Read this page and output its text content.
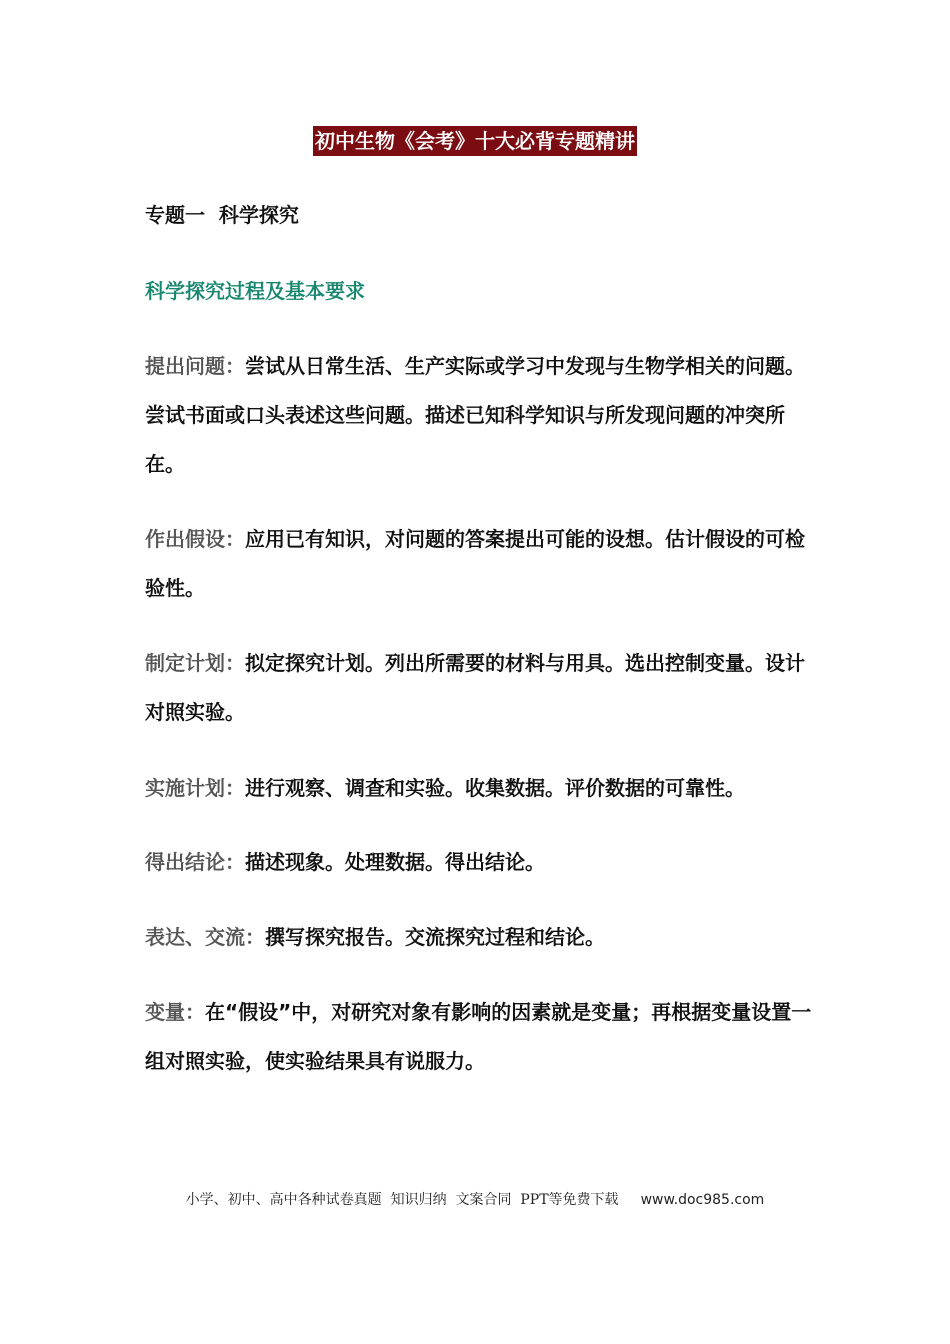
初中生物《会考》十大必背专题精讲
专题一  科学探究
科学探究过程及基本要求
提出问题：尝试从日常生活、生产实际或学习中发现与生物学相关的问题。尝试书面或口头表述这些问题。描述已知科学知识与所发现问题的冲突所在。
作出假设：应用已有知识，对问题的答案提出可能的设想。估计假设的可检验性。
制定计划：拟定探究计划。列出所需要的材料与用具。选出控制变量。设计对照实验。
实施计划：进行观察、调查和实验。收集数据。评价数据的可靠性。
得出结论：描述现象。处理数据。得出结论。
表达、交流：撰写探究报告。交流探究过程和结论。
变量：在“假设”中，对研究对象有影响的因素就是变量；再根据变量设置一组对照实验，使实验结果具有说服力。
小学、初中、高中各种试卷真题  知识归纳  文案合同  PPT等免费下载 www.doc985.com
